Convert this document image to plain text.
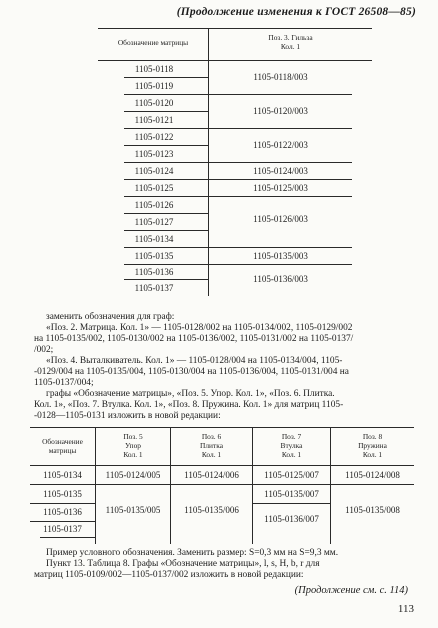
(Продолжение изменения к ГОСТ 26508—85)
Обозначение матрицы
Поз. 3. Гильза
Кол. 1
1105-0118
1105-0119
1105-0120
1105-0121
1105-0122
1105-0123
1105-0124
1105-0125
1105-0126
1105-0127
1105-0134
1105-0135
1105-0136
1105-0137
1105-0118/003
1105-0120/003
1105-0122/003
1105-0124/003
1105-0125/003
1105-0126/003
1105-0135/003
1105-0136/003
заменить обозначения для граф:
«Поз. 2. Матрица. Кол. 1» — 1105-0128/002 на 1105-0134/002, 1105-0129/002
на 1105-0135/002, 1105-0130/002 на 1105-0136/002, 1105-0131/002 на 1105-0137/
/002;
«Поз. 4. Выталкиватель. Кол. 1» — 1105-0128/004 на 1105-0134/004, 1105-
-0129/004 на 1105-0135/004, 1105-0130/004 на 1105-0136/004, 1105-0131/004 на
1105-0137/004;
графы «Обозначение матрицы», «Поз. 5. Упор. Кол. 1», «Поз. 6. Плитка.
Кол. 1», «Поз. 7. Втулка. Кол. 1», «Поз. 8. Пружина. Кол. 1» для матриц 1105-
-0128—1105-0131 изложить в новой редакции:
Обозначение
матрицы
Поз. 5
Упор
Кол. 1
Поз. 6
Плитка
Кол. 1
Поз. 7
Втулка
Кол. 1
Поз. 8
Пружина
Кол. 1
1105-0134
1105-0135
1105-0136
1105-0137
1105-0124/005
1105-0135/005
1105-0124/006
1105-0135/006
1105-0125/007
1105-0135/007
1105-0136/007
1105-0124/008
1105-0135/008
Пример условного обозначения. Заменить размер: S=0,3 мм на S=9,3 мм.
Пункт 13. Таблица 8. Графы «Обозначение матрицы», l, s, H, b, r для
матриц 1105-0109/002—1105-0137/002 изложить в новой редакции:
(Продолжение см. с. 114)
113
